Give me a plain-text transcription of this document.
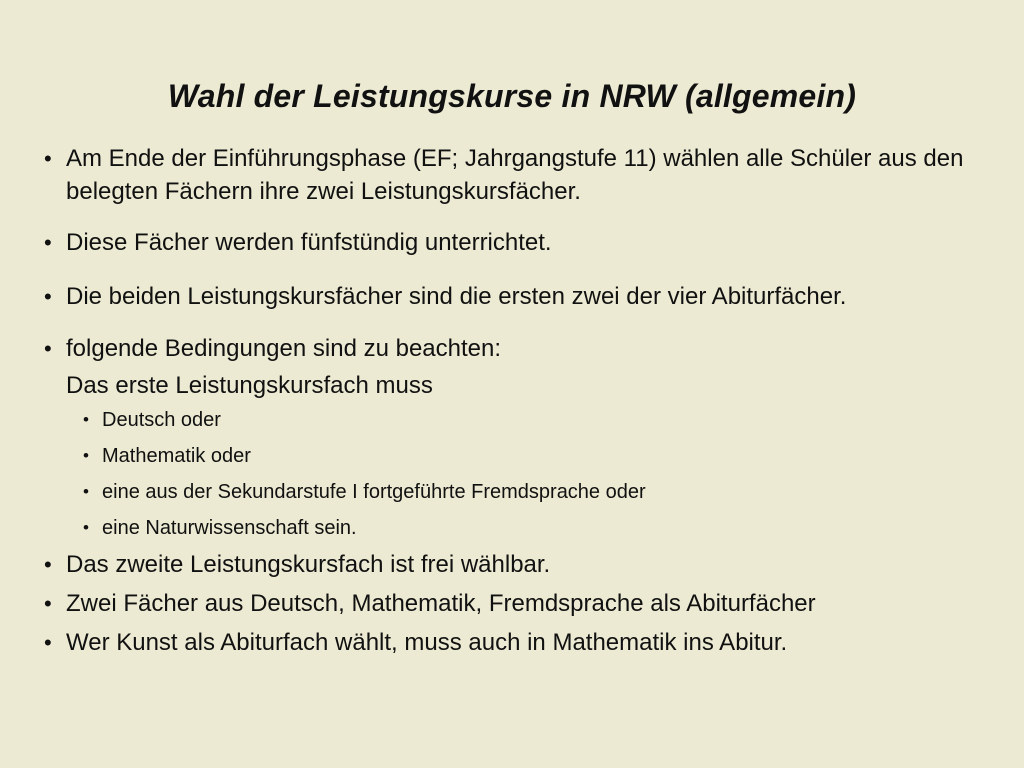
Wahl der Leistungskurse in NRW (allgemein)

• Am Ende der Einführungsphase (EF; Jahrgangstufe 11) wählen alle Schüler aus den belegten Fächern ihre zwei Leistungskursfächer.

• Diese Fächer werden fünfstündig unterrichtet.

• Die beiden Leistungskursfächer sind die ersten zwei der vier Abiturfächer.

• folgende Bedingungen sind zu beachten:

Das erste Leistungskursfach muss

• Deutsch oder

• Mathematik oder

• eine aus der Sekundarstufe I fortgeführte Fremdsprache oder

• eine Naturwissenschaft sein.

• Das zweite Leistungskursfach ist frei wählbar.

• Zwei Fächer aus Deutsch, Mathematik, Fremdsprache als Abiturfächer

• Wer Kunst als Abiturfach wählt, muss auch in Mathematik ins Abitur.
